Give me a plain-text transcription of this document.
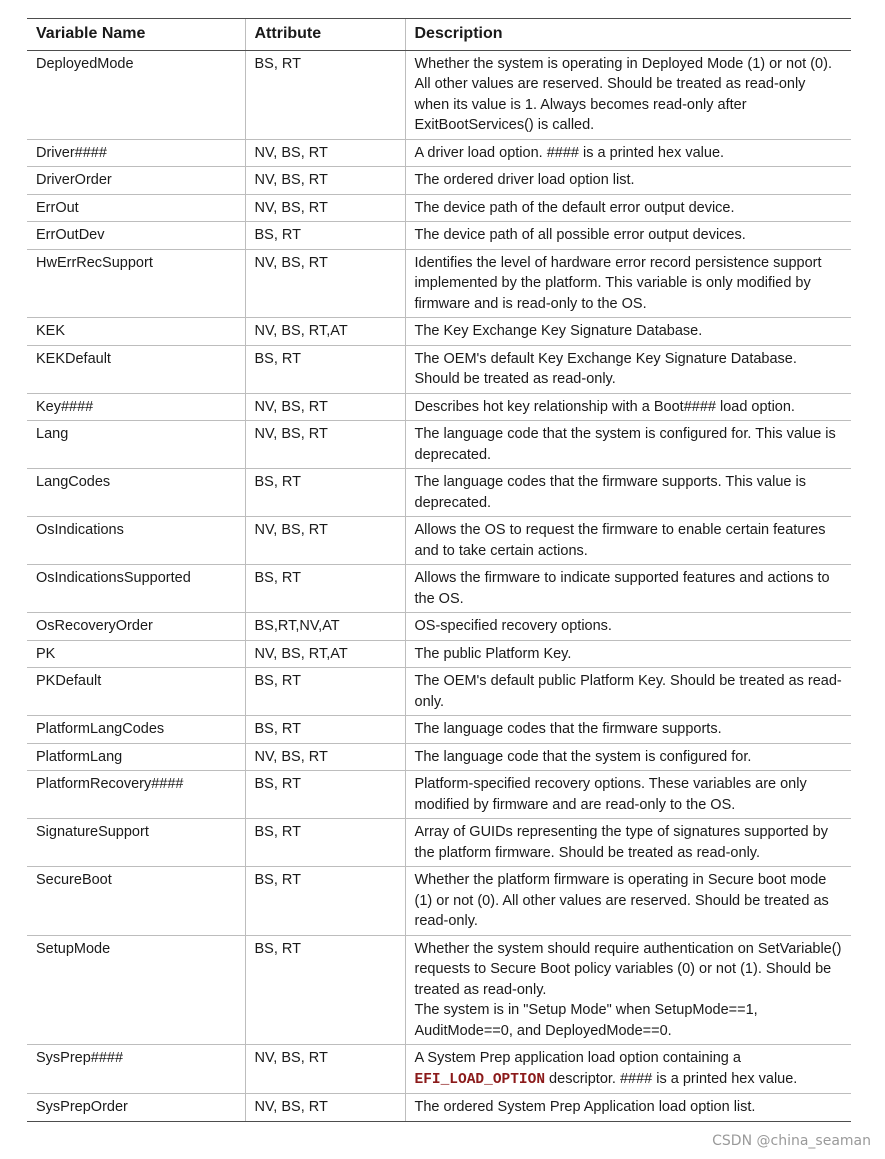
Variable Name	Attribute	Description
DeployedMode	BS, RT	Whether the system is operating in Deployed Mode (1) or not (0). All other values are reserved. Should be treated as read-only when its value is 1. Always becomes read-only after ExitBootServices() is called.

Driver####	NV, BS, RT	A driver load option. #### is a printed hex value.

DriverOrder	NV, BS, RT	The ordered driver load option list.

ErrOut	NV, BS, RT	The device path of the default error output device.

ErrOutDev	BS, RT	The device path of all possible error output devices.

HwErrRecSupport	NV, BS, RT	Identifies the level of hardware error record persistence support implemented by the platform. This variable is only modified by firmware and is read-only to the OS.

KEK	NV, BS, RT,AT	The Key Exchange Key Signature Database.

KEKDefault	BS, RT	The OEM's default Key Exchange Key Signature Database. Should be treated as read-only.

Key####	NV, BS, RT	Describes hot key relationship with a Boot#### load option.

Lang	NV, BS, RT	The language code that the system is configured for. This value is deprecated.

LangCodes	BS, RT	The language codes that the firmware supports. This value is deprecated.

OsIndications	NV, BS, RT	Allows the OS to request the firmware to enable certain features and to take certain actions.

OsIndicationsSupported	BS, RT	Allows the firmware to indicate supported features and actions to the OS.

OsRecoveryOrder	BS,RT,NV,AT	OS-specified recovery options.

PK	NV, BS, RT,AT	The public Platform Key.

PKDefault	BS, RT	The OEM's default public Platform Key. Should be treated as read-only.

PlatformLangCodes	BS, RT	The language codes that the firmware supports.

PlatformLang	NV, BS, RT	The language code that the system is configured for.

PlatformRecovery####	BS, RT	Platform-specified recovery options. These variables are only modified by firmware and are read-only to the OS.

SignatureSupport	BS, RT	Array of GUIDs representing the type of signatures supported by the platform firmware. Should be treated as read-only.

SecureBoot	BS, RT	Whether the platform firmware is operating in Secure boot mode (1) or not (0). All other values are reserved. Should be treated as read-only.

SetupMode	BS, RT	Whether the system should require authentication on SetVariable() requests to Secure Boot policy variables (0) or not (1). Should be treated as read-only.
The system is in "Setup Mode" when SetupMode==1, AuditMode==0, and DeployedMode==0.

SysPrep####	NV, BS, RT	A System Prep application load option containing a EFI_LOAD_OPTION descriptor. #### is a printed hex value.
SysPrepOrder	NV, BS, RT	The ordered System Prep Application load option list.
CSDN @china_seaman
